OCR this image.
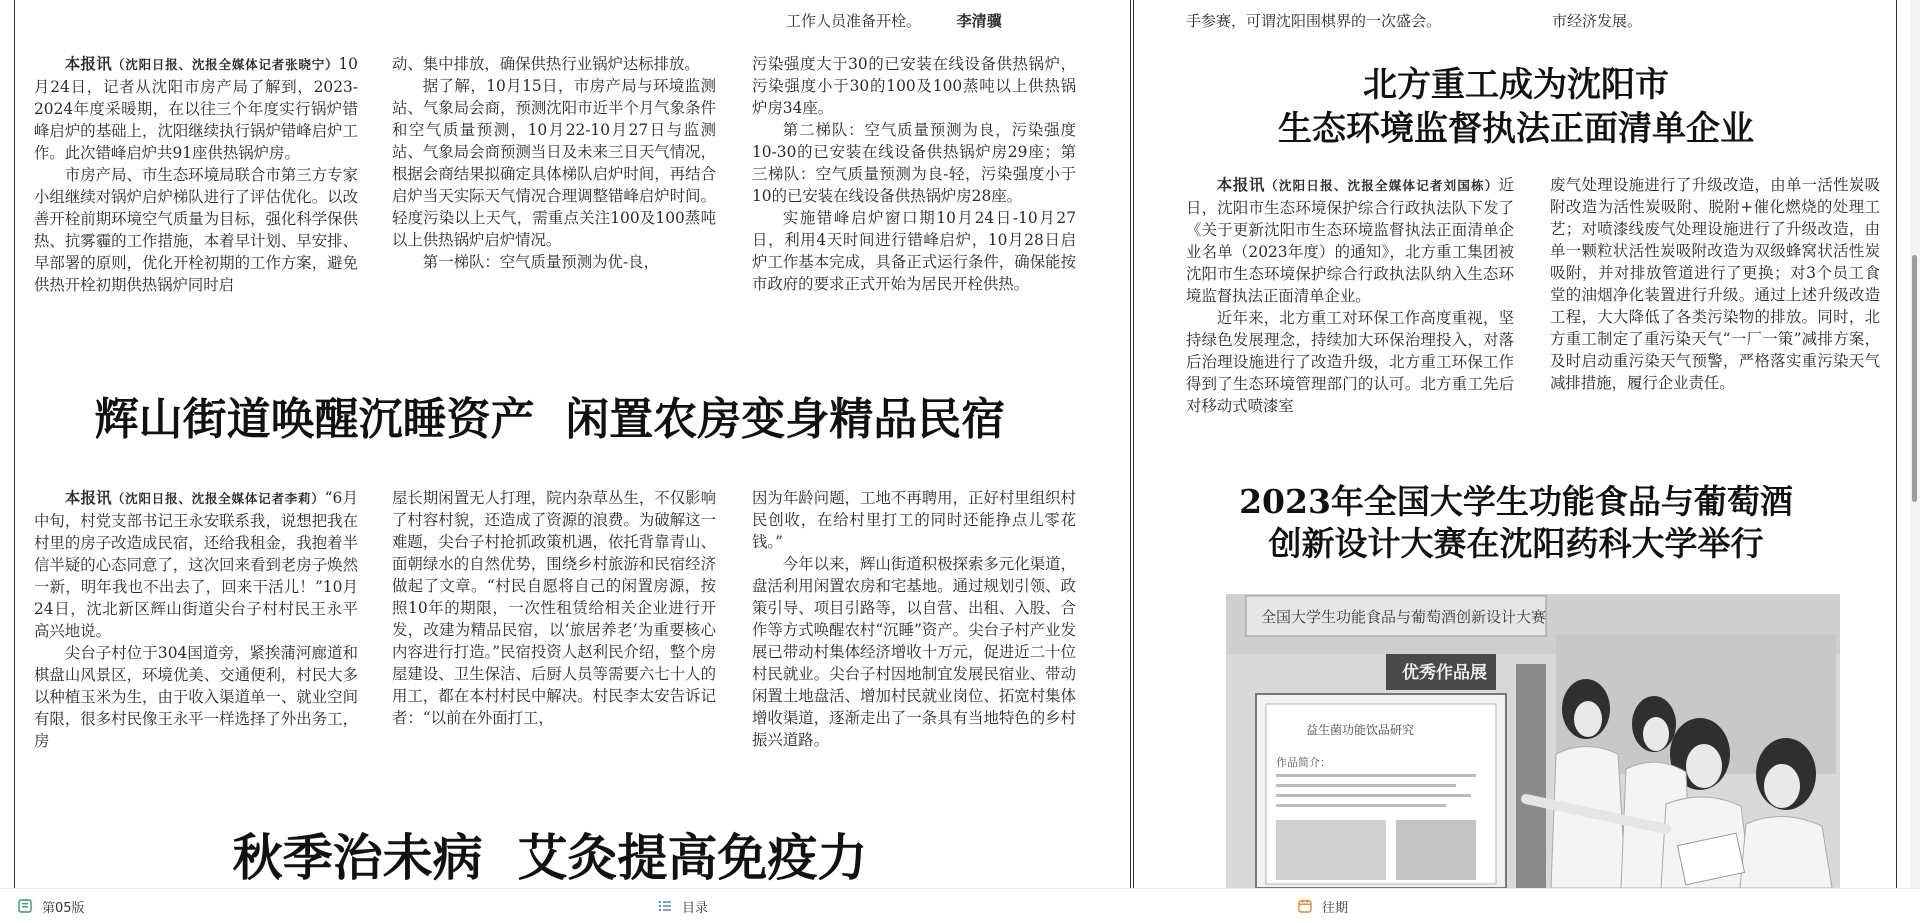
工作人员准备开栓。 李清骥	手参赛，可谓沈阳围棋界的一次盛会。	市经济发展。

本报讯（沈阳日报、沈报全媒体记者张晓宁）10月24日，记者从沈阳市房产局了解到，2023-2024年度采暖期，在以往三个年度实行锅炉错峰启炉的基础上，沈阳继续执行锅炉错峰启炉工作。此次错峰启炉共91座供热锅炉房。

市房产局、市生态环境局联合市第三方专家小组继续对锅炉启炉梯队进行了评估优化。以改善开栓前期环境空气质量为目标，强化科学保供热、抗雾霾的工作措施，本着早计划、早安排、早部署的原则，优化开栓初期的工作方案，避免供热开栓初期供热锅炉同时启

动、集中排放，确保供热行业锅炉达标排放。

据了解，10月15日，市房产局与环境监测站、气象局会商，预测沈阳市近半个月气象条件和空气质量预测，10月22-10月27日与监测站、气象局会商预测当日及未来三日天气情况，根据会商结果拟确定具体梯队启炉时间，再结合启炉当天实际天气情况合理调整错峰启炉时间。轻度污染以上天气，需重点关注100及100蒸吨以上供热锅炉启炉情况。

第一梯队：空气质量预测为优-良，

污染强度大于30的已安装在线设备供热锅炉，污染强度小于30的100及100蒸吨以上供热锅炉房34座。

第二梯队：空气质量预测为良，污染强度10-30的已安装在线设备供热锅炉房29座；第三梯队：空气质量预测为良-轻，污染强度小于10的已安装在线设备供热锅炉房28座。

实施错峰启炉窗口期10月24日-10月27日，利用4天时间进行错峰启炉，10月28日启炉工作基本完成，具备正式运行条件，确保能按市政府的要求正式开始为居民开栓供热。

辉山街道唤醒沉睡资产  闲置农房变身精品民宿

本报讯（沈阳日报、沈报全媒体记者李莉）“6月中旬，村党支部书记王永安联系我，说想把我在村里的房子改造成民宿，还给我租金，我抱着半信半疑的心态同意了，这次回来看到老房子焕然一新，明年我也不出去了，回来干活儿！”10月24日，沈北新区辉山街道尖台子村村民王永平高兴地说。

尖台子村位于304国道旁，紧挨蒲河廊道和棋盘山风景区，环境优美、交通便利，村民大多以种植玉米为生，由于收入渠道单一、就业空间有限，很多村民像王永平一样选择了外出务工，房

屋长期闲置无人打理，院内杂草丛生，不仅影响了村容村貌，还造成了资源的浪费。为破解这一难题，尖台子村抢抓政策机遇，依托背靠青山、面朝绿水的自然优势，围绕乡村旅游和民宿经济做起了文章。“村民自愿将自己的闲置房源，按照10年的期限，一次性租赁给相关企业进行开发，改建为精品民宿，以‘旅居养老’为重要核心内容进行打造。”民宿投资人赵利民介绍，整个房屋建设、卫生保洁、后厨人员等需要六七十人的用工，都在本村村民中解决。村民李太安告诉记者：“以前在外面打工，

因为年龄问题，工地不再聘用，正好村里组织村民创收，在给村里打工的同时还能挣点儿零花钱。”

今年以来，辉山街道积极探索多元化渠道，盘活利用闲置农房和宅基地。通过规划引领、政策引导、项目引路等，以自营、出租、入股、合作等方式唤醒农村“沉睡”资产。尖台子村产业发展已带动村集体经济增收十万元，促进近二十位村民就业。尖台子村因地制宜发展民宿业、带动闲置土地盘活、增加村民就业岗位、拓宽村集体增收渠道，逐渐走出了一条具有当地特色的乡村振兴道路。

秋季治未病  艾灸提高免疫力
北方重工成为沈阳市
生态环境监督执法正面清单企业

本报讯（沈阳日报、沈报全媒体记者刘国栋）近日，沈阳市生态环境保护综合行政执法队下发了《关于更新沈阳市生态环境监督执法正面清单企业名单（2023年度）的通知》，北方重工集团被沈阳市生态环境保护综合行政执法队纳入生态环境监督执法正面清单企业。

近年来，北方重工对环保工作高度重视，坚持绿色发展理念，持续加大环保治理投入，对落后治理设施进行了改造升级，北方重工环保工作得到了生态环境管理部门的认可。北方重工先后对移动式喷漆室

废气处理设施进行了升级改造，由单一活性炭吸附改造为活性炭吸附、脱附+催化燃烧的处理工艺；对喷漆线废气处理设施进行了升级改造，由单一颗粒状活性炭吸附改造为双级蜂窝状活性炭吸附，并对排放管道进行了更换；对3个员工食堂的油烟净化装置进行升级。通过上述升级改造工程，大大降低了各类污染物的排放。同时，北方重工制定了重污染天气“一厂一策”减排方案，及时启动重污染天气预警，严格落实重污染天气减排措施，履行企业责任。

2023年全国大学生功能食品与葡萄酒
创新设计大赛在沈阳药科大学举行
全国大学生功能食品与葡萄酒创新设计大赛
优秀作品展
益生菌功能饮品研究
作品简介：
第05版	目录	往期
